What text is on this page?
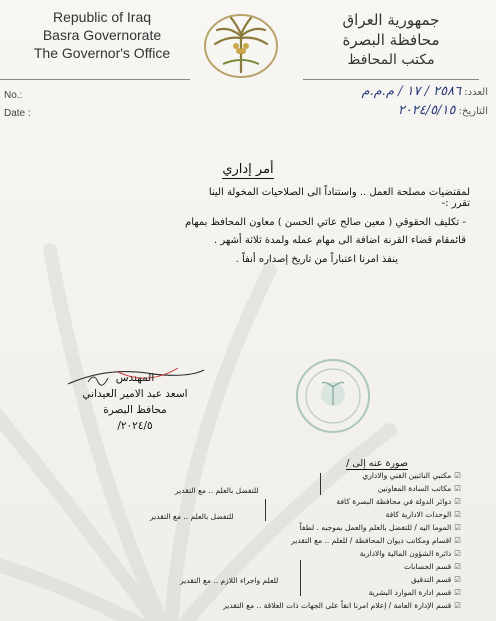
Republic of Iraq
Basra Governorate
The Governor's Office
جمهورية العراق
محافظة البصرة
مكتب المحافظ
No.:
Date :
العدد: ٢٥٨٦ / ١٧ / م.م.م
التاريخ: ٢٠٢٤/٥/١٥
أمر إداري
لمقتضيات مصلحة العمل .. واستناداً الى الصلاحيات المخولة الينا تقرر :-
- تكليف الحقوقي ( معين صالح عاتي الحسن ) معاون المحافظ بمهام قائمقام قضاء القرنة اضافة الى مهام عمله ولمدة ثلاثة أشهر .
ينفذ امرنا اعتباراً من تاريخ إصداره أنفاً .
المهندس
اسعد عبد الامير العيداني
محافظ البصرة
٢٠٢٤/٥/
صورة عنه إلى /
☑مكتبي النائبين الفني والاداري
☑مكاتب السادة المعاونين
☑دوائر الدولة في محافظة البصرة كافة
☑الوحدات الادارية كافة
☑الموما اليه / للتفضل بالعلم والعمل بموجبه . لطفاً
☑اقسام ومكاتب ديوان المحافظة / للعلم .. مع التقدير
☑دائرة الشؤون المالية والادارية
☑قسم الحسابات
☑قسم التدقيق
☑قسم ادارة الموارد البشرية
☑قسم الإدارة العامة / إعلام امرنا انفاً على الجهات ذات العلاقة .. مع التقدير
للتفضل بالعلم .. مع التقدير
للتفضل بالعلم .. مع التقدير
للعلم واجراء اللازم .. مع التقدير
